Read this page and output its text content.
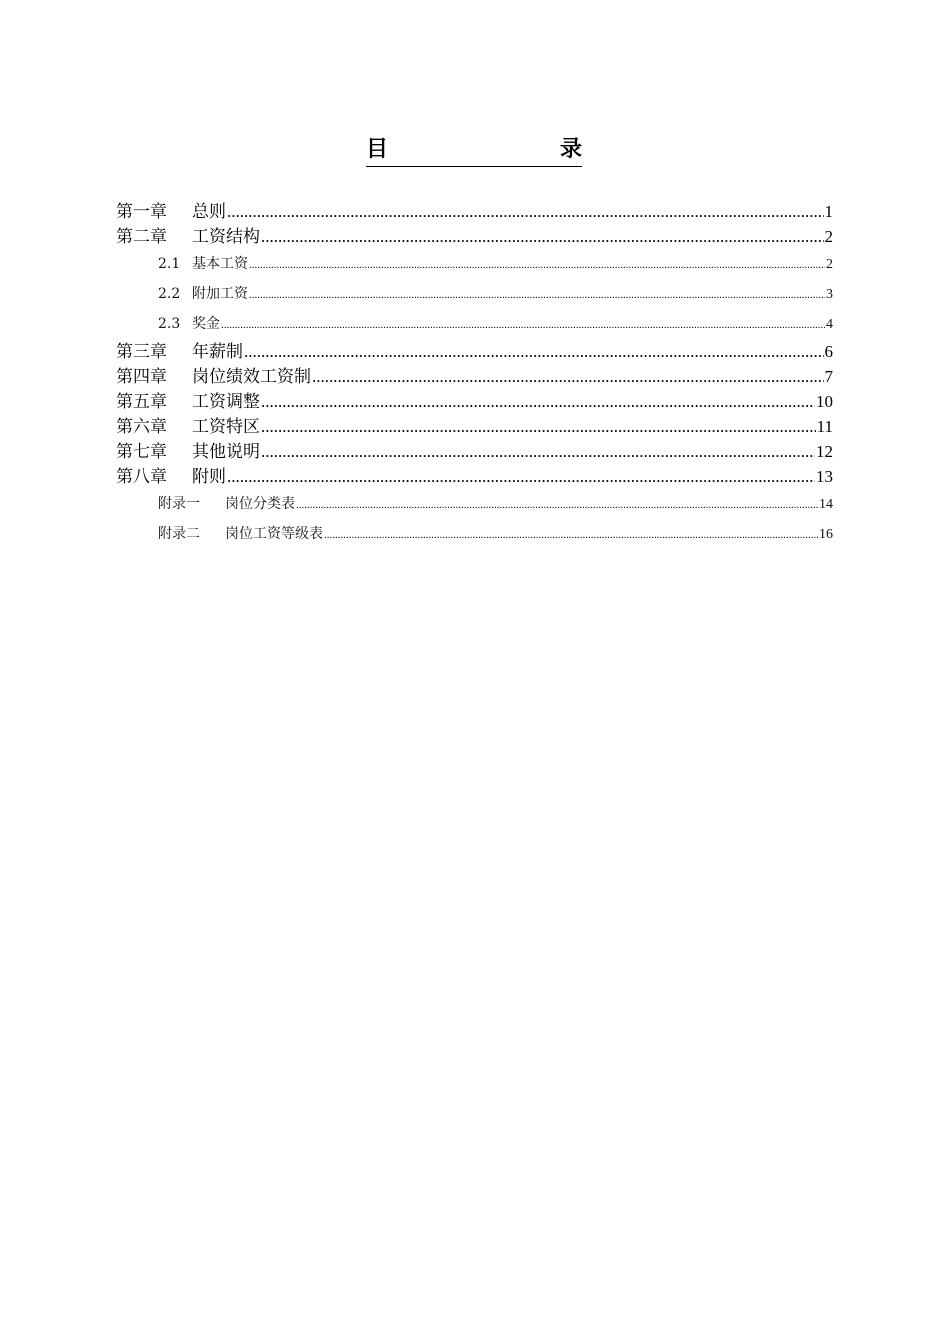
目	录
第一章	总则 .....	1
第二章	工资结构 .....	2
2.1 基本工资 .....	2
2.2 附加工资 .....	3
2.3 奖金 .....	4
第三章	年薪制 .....	6
第四章	岗位绩效工资制 .....	7
第五章	工资调整 .....	10
第六章	工资特区 .....	11
第七章	其他说明 .....	12
第八章	附则 .....	13
附录一	岗位分类表 .....	14
附录二	岗位工资等级表 .....	16
